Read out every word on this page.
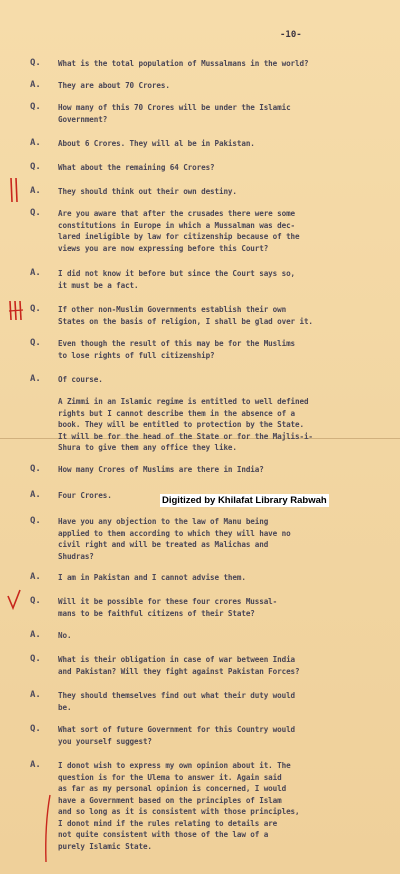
-10-
Q. What is the total population of Mussalmans in the world?
A. They are about 70 Crores.
Q. How many of this 70 Crores will be under the Islamic
Government?
A. About 6 Crores. They will al be in Pakistan.
Q. What about the remaining 64 Crores?
A. They should think out their own destiny.
Q. Are you aware that after the crusades there were some
constitutions in Europe in which a Mussalman was dec-
lared ineligible by law for citizenship because of the
views you are now expressing before this Court?
A. I did not know it before but since the Court says so,
it must be a fact.
Q. If other non-Muslim Governments establish their own
States on the basis of religion, I shall be glad over it.
Q. Even though the result of this may be for the Muslims
to lose rights of full citizenship?
A. Of course.
A Zimmi in an Islamic regime is entitled to well defined
rights but I cannot describe them in the absence of a
book. They will be entitled to protection by the State.
It will be for the head of the State or for the Majlis-i-
Shura to give them any office they like.
Q. How many Crores of Muslims are there in India?
A. Four Crores.
Q. Have you any objection to the law of Manu being
applied to them according to which they will have no
civil right and will be treated as Malichas and
Shudras?
A. I am in Pakistan and I cannot advise them.
Q. Will it be possible for these four crores Mussal-
mans to be faithful citizens of their State?
A. No.
Q. What is their obligation in case of war between India
and Pakistan? Will they fight against Pakistan Forces?
A. They should themselves find out what their duty would
be.
Q. What sort of future Government for this Country would
you yourself suggest?
A. I donot wish to express my own opinion about it. The
question is for the Ulema to answer it. Again said
as far as my personal opinion is concerned, I would
have a Government based on the principles of Islam
and so long as it is consistent with those principles,
I donot mind if the rules relating to details are
not quite consistent with those of the law of a
purely Islamic State.
Digitized by Khilafat Library Rabwah
